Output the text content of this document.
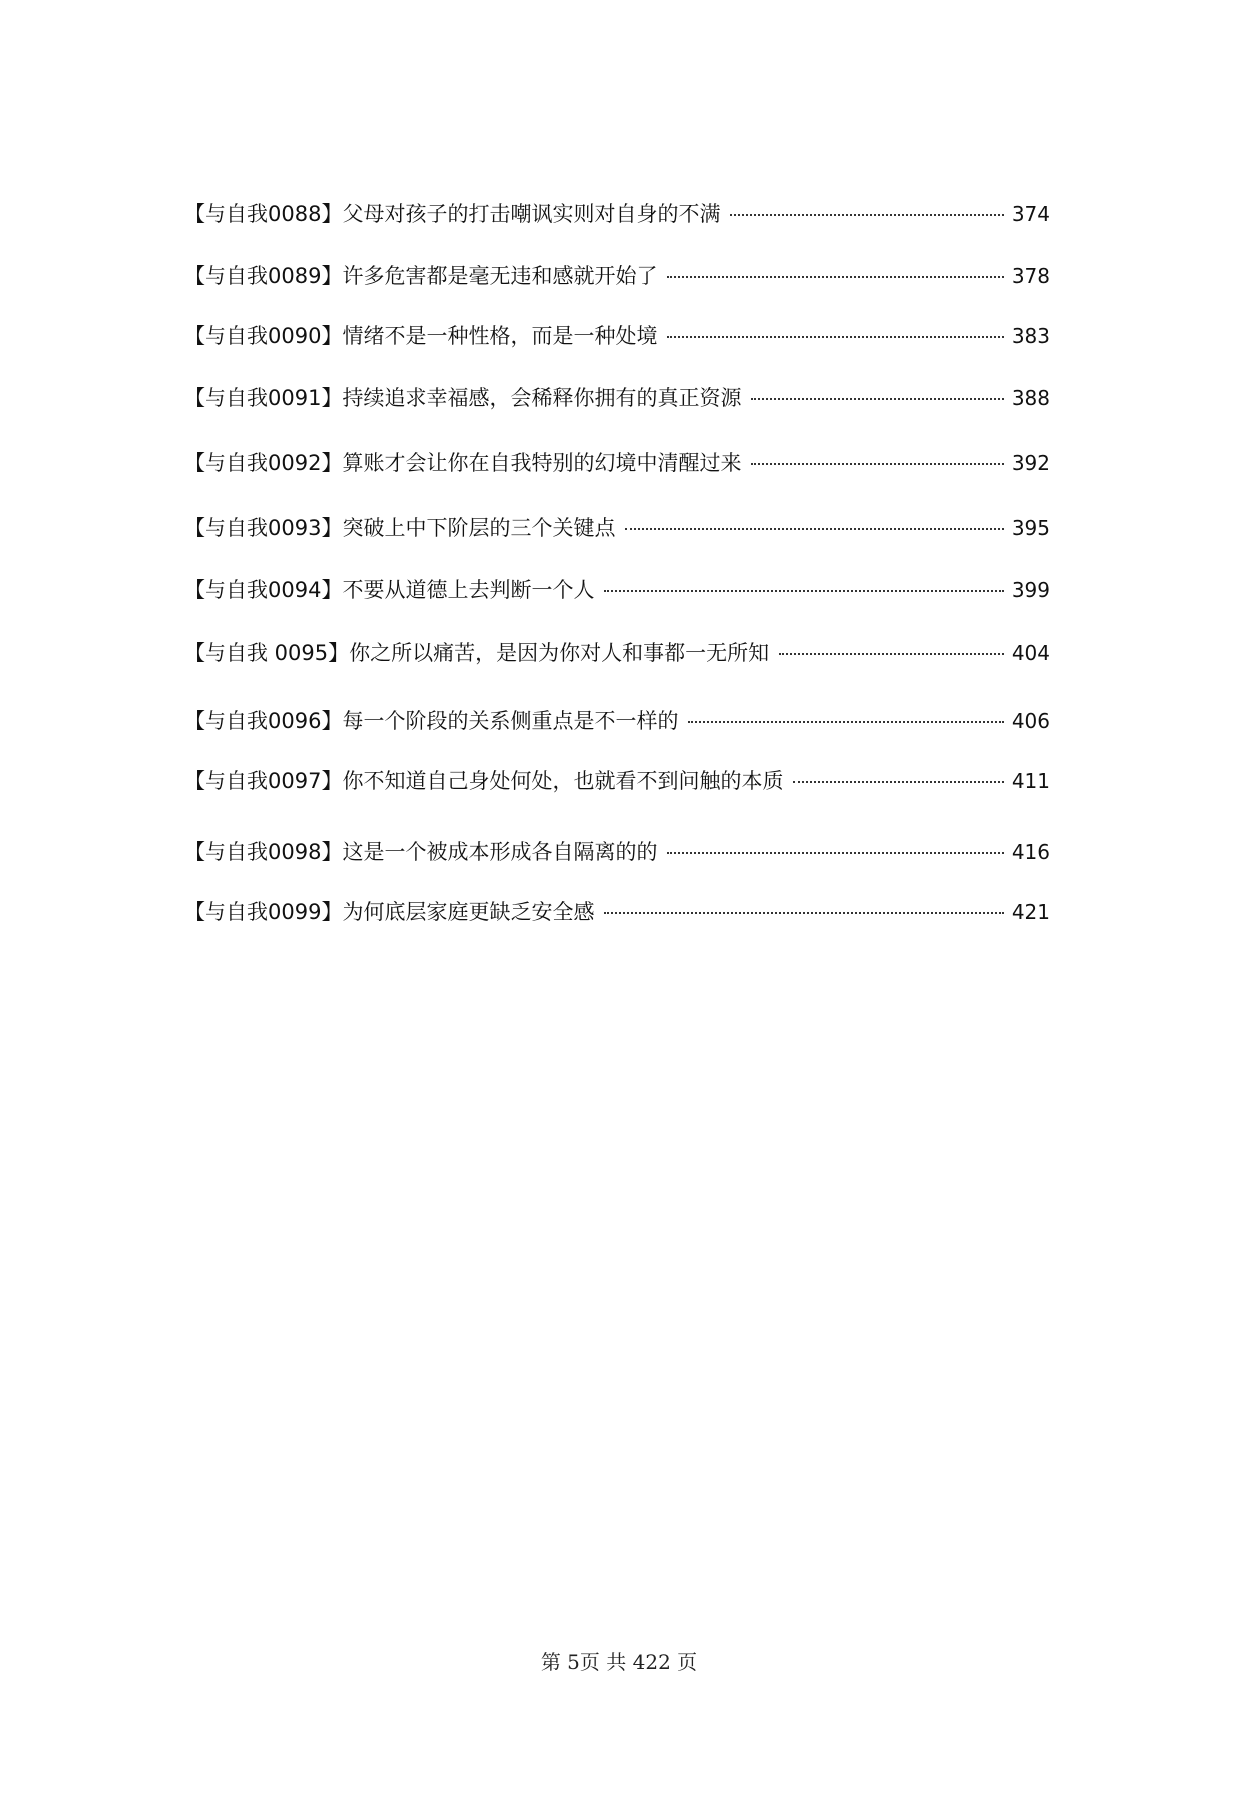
【与自我0088】父母对孩子的打击嘲讽实则对自身的不满	374
【与自我0089】许多危害都是毫无违和感就开始了	378
【与自我0090】情绪不是一种性格，而是一种处境	383
【与自我0091】持续追求幸福感，会稀释你拥有的真正资源	388
【与自我0092】算账才会让你在自我特别的幻境中清醒过来	392
【与自我0093】突破上中下阶层的三个关键点	395
【与自我0094】不要从道德上去判断一个人	399
【与自我 0095】你之所以痛苦，是因为你对人和事都一无所知	404
【与自我0096】每一个阶段的关系侧重点是不一样的	406
【与自我0097】你不知道自己身处何处，也就看不到问触的本质	411
【与自我0098】这是一个被成本形成各自隔离的的	416
【与自我0099】为何底层家庭更缺乏安全感	421
第 5页 共 422 页
